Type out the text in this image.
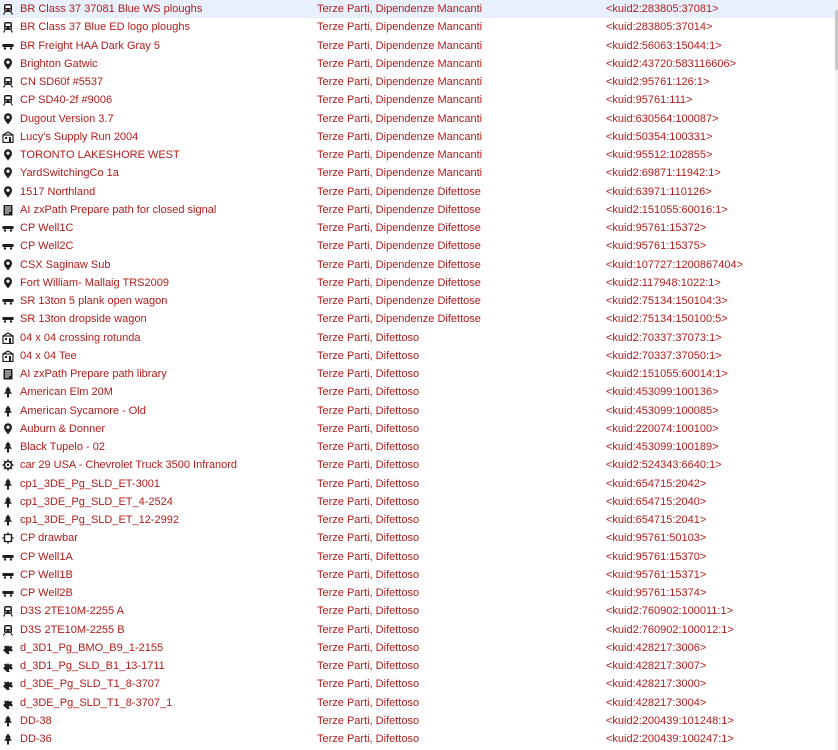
BR Class 37 37081 Blue WS ploughs	Terze Parti, Dipendenze Mancanti	<kuid2:283805:37081>
BR Class 37 Blue ED logo ploughs	Terze Parti, Dipendenze Mancanti	<kuid:283805:37014>
BR Freight HAA Dark Gray 5	Terze Parti, Dipendenze Mancanti	<kuid2:56063:15044:1>
Brighton Gatwic	Terze Parti, Dipendenze Mancanti	<kuid2:43720:583116606>
CN SD60f #5537	Terze Parti, Dipendenze Mancanti	<kuid2:95761:126:1>
CP SD40-2f #9006	Terze Parti, Dipendenze Mancanti	<kuid:95761:111>
Dugout Version 3.7	Terze Parti, Dipendenze Mancanti	<kuid:630564:100087>
Lucy's Supply Run 2004	Terze Parti, Dipendenze Mancanti	<kuid:50354:100331>
TORONTO LAKESHORE WEST	Terze Parti, Dipendenze Mancanti	<kuid:95512:102855>
YardSwitchingCo 1a	Terze Parti, Dipendenze Mancanti	<kuid2:69871:11942:1>
1517 Northland	Terze Parti, Dipendenze Difettose	<kuid:63971:110126>
AI zxPath Prepare path for closed signal	Terze Parti, Dipendenze Difettose	<kuid2:151055:60016:1>
CP Well1C	Terze Parti, Dipendenze Difettose	<kuid:95761:15372>
CP Well2C	Terze Parti, Dipendenze Difettose	<kuid:95761:15375>
CSX Saginaw Sub	Terze Parti, Dipendenze Difettose	<kuid:107727:1200867404>
Fort William- Mallaig TRS2009	Terze Parti, Dipendenze Difettose	<kuid2:117948:1022:1>
SR 13ton 5 plank open wagon	Terze Parti, Dipendenze Difettose	<kuid2:75134:150104:3>
SR 13ton dropside wagon	Terze Parti, Dipendenze Difettose	<kuid2:75134:150100:5>
04 x 04 crossing rotunda	Terze Parti, Difettoso	<kuid2:70337:37073:1>
04 x 04 Tee	Terze Parti, Difettoso	<kuid2:70337:37050:1>
AI zxPath Prepare path library	Terze Parti, Difettoso	<kuid2:151055:60014:1>
American Elm 20M	Terze Parti, Difettoso	<kuid:453099:100136>
American Sycamore - Old	Terze Parti, Difettoso	<kuid:453099:100085>
Auburn & Donner	Terze Parti, Difettoso	<kuid:220074:100100>
Black Tupelo - 02	Terze Parti, Difettoso	<kuid:453099:100189>
car 29 USA - Chevrolet Truck 3500 Infranord	Terze Parti, Difettoso	<kuid2:524343:6640:1>
cp1_3DE_Pg_SLD_ET-3001	Terze Parti, Difettoso	<kuid:654715:2042>
cp1_3DE_Pg_SLD_ET_4-2524	Terze Parti, Difettoso	<kuid:654715:2040>
cp1_3DE_Pg_SLD_ET_12-2992	Terze Parti, Difettoso	<kuid:654715:2041>
CP drawbar	Terze Parti, Difettoso	<kuid:95761:50103>
CP Well1A	Terze Parti, Difettoso	<kuid:95761:15370>
CP Well1B	Terze Parti, Difettoso	<kuid:95761:15371>
CP Well2B	Terze Parti, Difettoso	<kuid:95761:15374>
D3S 2TE10M-2255 A	Terze Parti, Difettoso	<kuid2:760902:100011:1>
D3S 2TE10M-2255 B	Terze Parti, Difettoso	<kuid2:760902:100012:1>
d_3D1_Pg_BMO_B9_1-2155	Terze Parti, Difettoso	<kuid:428217:3006>
d_3D1_Pg_SLD_B1_13-1711	Terze Parti, Difettoso	<kuid:428217:3007>
d_3DE_Pg_SLD_T1_8-3707	Terze Parti, Difettoso	<kuid:428217:3000>
d_3DE_Pg_SLD_T1_8-3707_1	Terze Parti, Difettoso	<kuid:428217:3004>
DD-38	Terze Parti, Difettoso	<kuid2:200439:101248:1>
DD-36	Terze Parti, Difettoso	<kuid2:200439:100247:1>
